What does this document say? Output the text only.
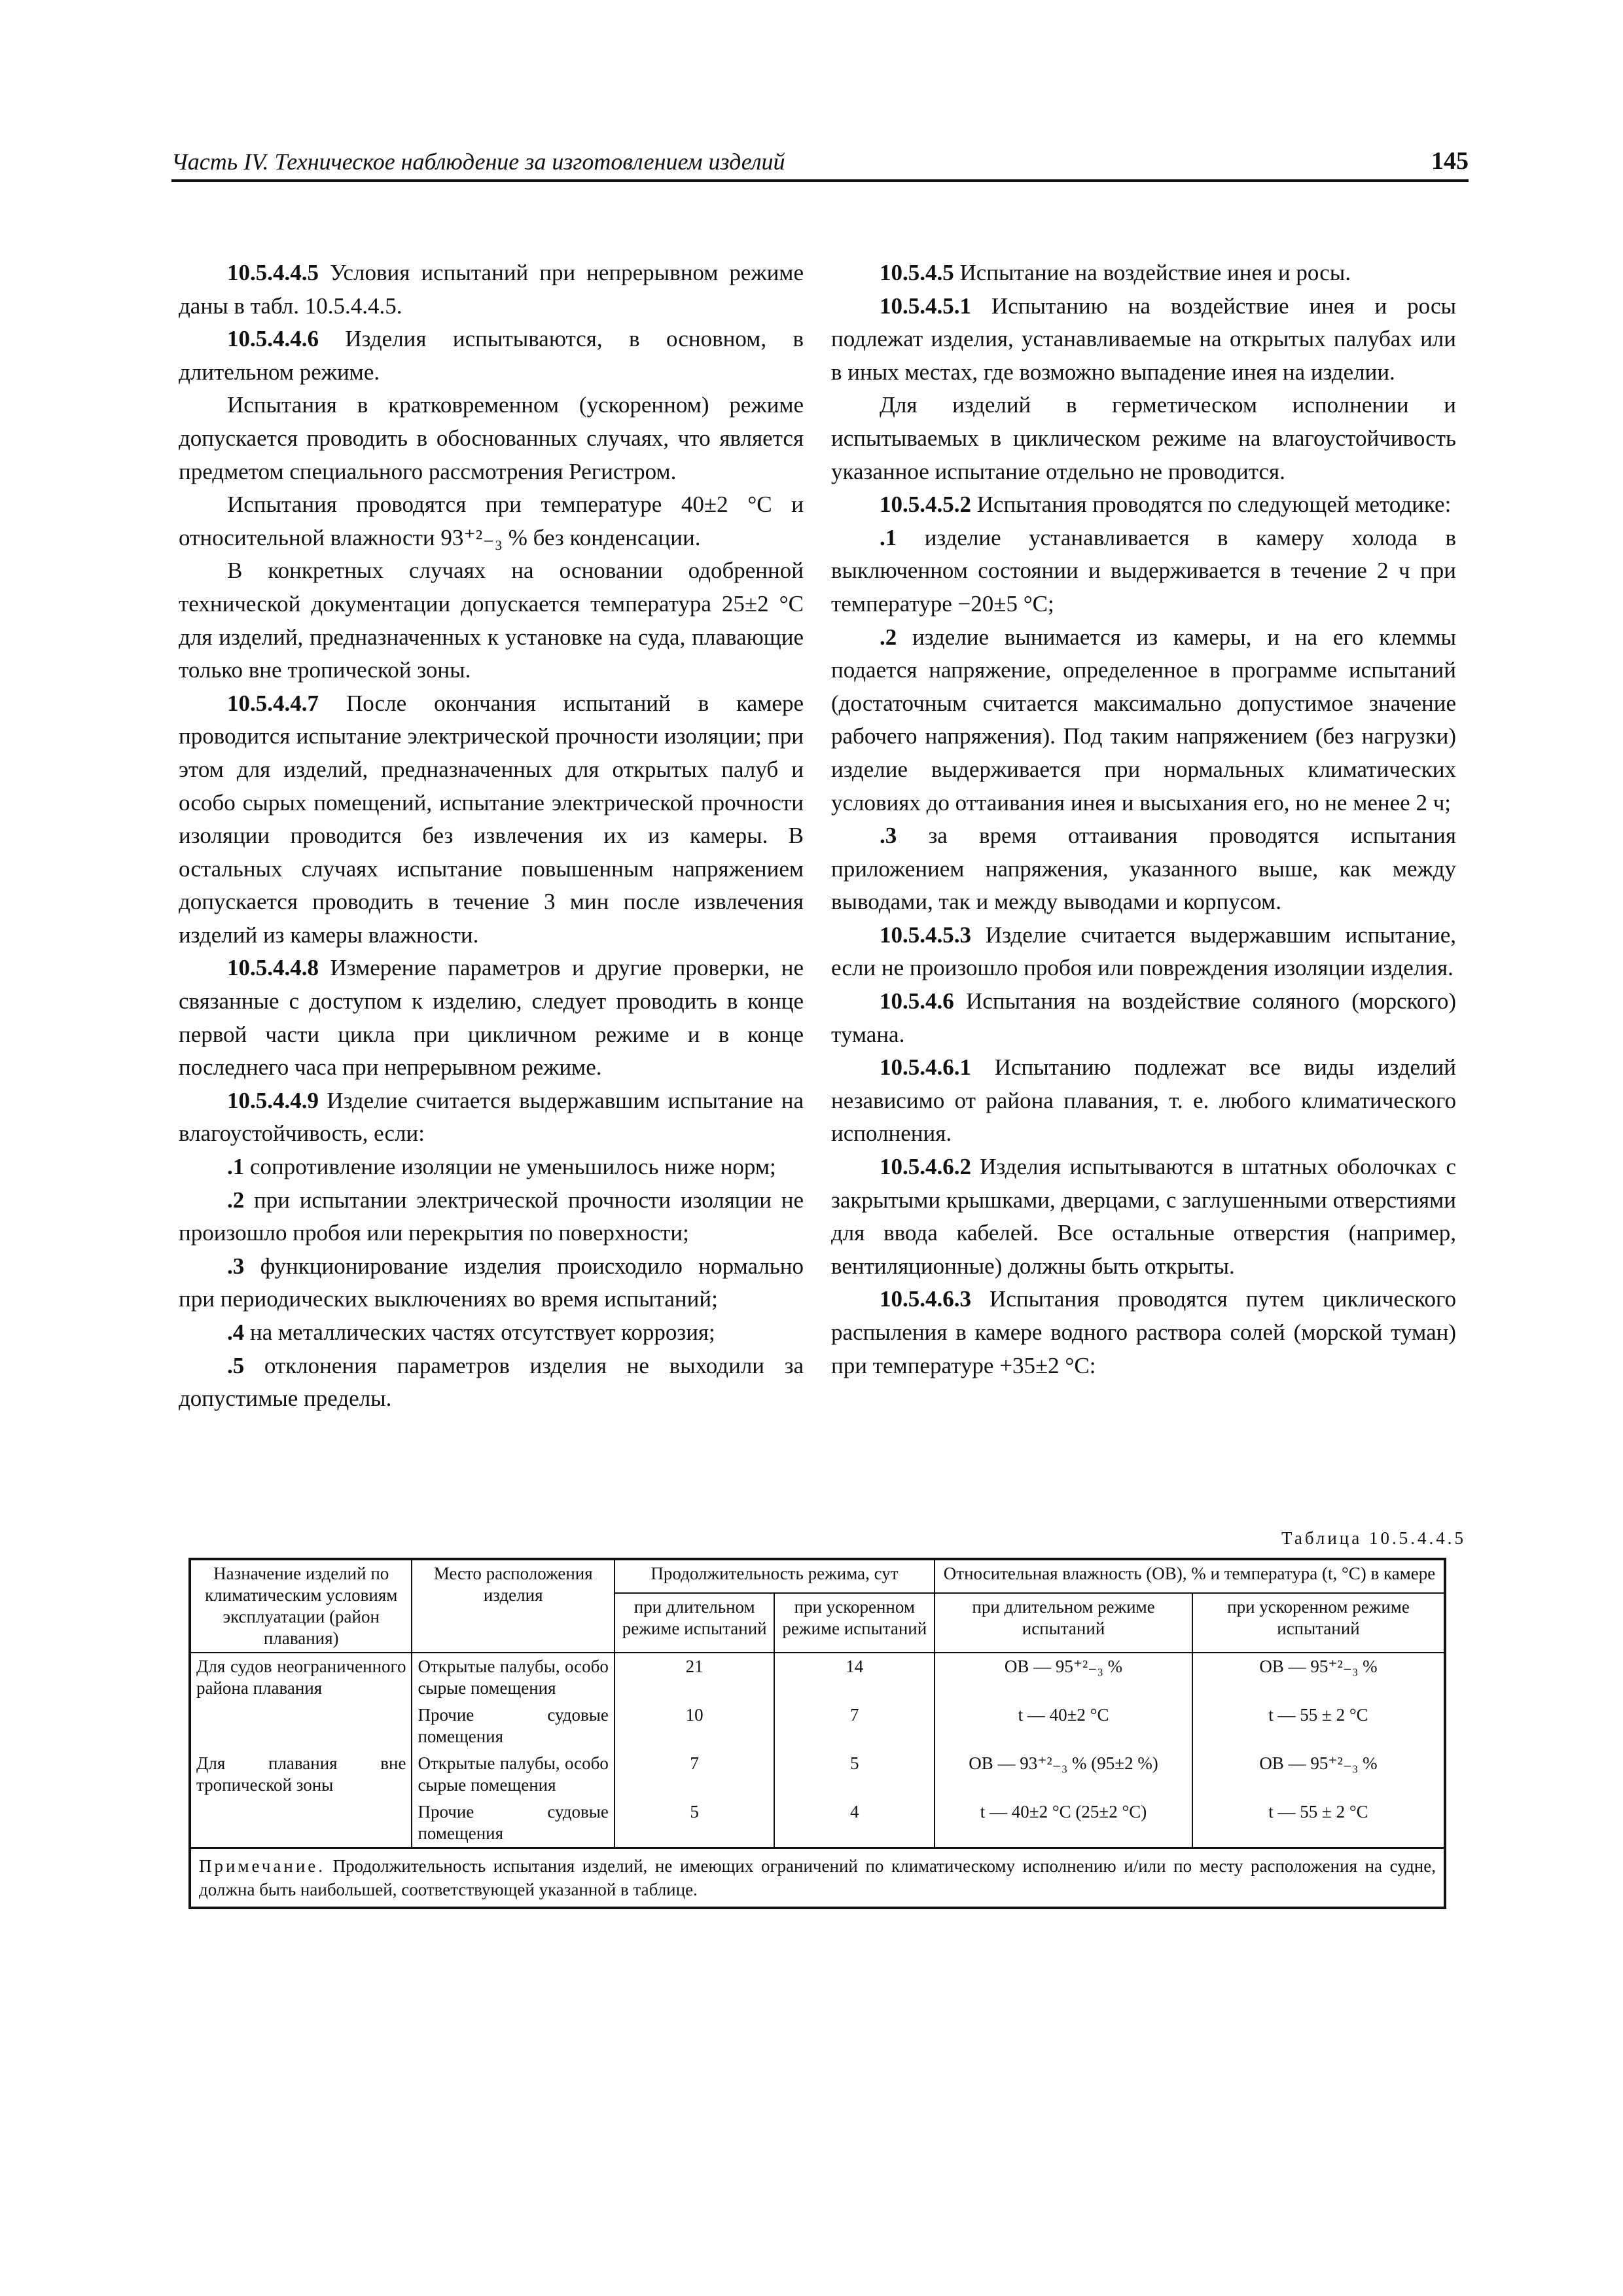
Часть IV. Техническое наблюдение за изготовлением изделий	145

10.5.4.4.5 Условия испытаний при непрерывном режиме даны в табл. 10.5.4.4.5.

10.5.4.4.6 Изделия испытываются, в основном, в длительном режиме.

Испытания в кратковременном (ускоренном) режиме допускается проводить в обоснованных случаях, что является предметом специального рассмотрения Регистром.

Испытания проводятся при температуре 40±2 °С и относительной влажности 93⁺²₋₃ % без конденсации.

В конкретных случаях на основании одобренной технической документации допускается температура 25±2 °С для изделий, предназначенных к установке на суда, плавающие только вне тропической зоны.

10.5.4.4.7 После окончания испытаний в камере проводится испытание электрической прочности изоляции; при этом для изделий, предназначенных для открытых палуб и особо сырых помещений, испытание электрической прочности изоляции проводится без извлечения их из камеры. В остальных случаях испытание повышенным напряжением допускается проводить в течение 3 мин после извлечения изделий из камеры влажности.

10.5.4.4.8 Измерение параметров и другие проверки, не связанные с доступом к изделию, следует проводить в конце первой части цикла при цикличном режиме и в конце последнего часа при непрерывном режиме.

10.5.4.4.9 Изделие считается выдержавшим испытание на влагоустойчивость, если:

.1 сопротивление изоляции не уменьшилось ниже норм;

.2 при испытании электрической прочности изоляции не произошло пробоя или перекрытия по поверхности;

.3 функционирование изделия происходило нормально при периодических выключениях во время испытаний;

.4 на металлических частях отсутствует коррозия;

.5 отклонения параметров изделия не выходили за допустимые пределы.

10.5.4.5 Испытание на воздействие инея и росы.

10.5.4.5.1 Испытанию на воздействие инея и росы подлежат изделия, устанавливаемые на открытых палубах или в иных местах, где возможно выпадение инея на изделии.

Для изделий в герметическом исполнении и испытываемых в циклическом режиме на влагоустойчивость указанное испытание отдельно не проводится.

10.5.4.5.2 Испытания проводятся по следующей методике:

.1 изделие устанавливается в камеру холода в выключенном состоянии и выдерживается в течение 2 ч при температуре −20±5 °С;

.2 изделие вынимается из камеры, и на его клеммы подается напряжение, определенное в программе испытаний (достаточным считается максимально допустимое значение рабочего напряжения). Под таким напряжением (без нагрузки) изделие выдерживается при нормальных климатических условиях до оттаивания инея и высыхания его, но не менее 2 ч;

.3 за время оттаивания проводятся испытания приложением напряжения, указанного выше, как между выводами, так и между выводами и корпусом.

10.5.4.5.3 Изделие считается выдержавшим испытание, если не произошло пробоя или повреждения изоляции изделия.

10.5.4.6 Испытания на воздействие соляного (морского) тумана.

10.5.4.6.1 Испытанию подлежат все виды изделий независимо от района плавания, т. е. любого климатического исполнения.

10.5.4.6.2 Изделия испытываются в штатных оболочках с закрытыми крышками, дверцами, с заглушенными отверстиями для ввода кабелей. Все остальные отверстия (например, вентиляционные) должны быть открыты.

10.5.4.6.3 Испытания проводятся путем циклического распыления в камере водного раствора солей (морской туман) при температуре +35±2 °С:

Таблица 10.5.4.4.5
Назначение изделий по климатическим условиям эксплуатации (район плавания)	Место расположения изделия	Продолжительность режима, сут		Относительная влажность (ОВ), % и температура (t, °С) в камере	
		при длительном режиме испытаний	при ускоренном режиме испытаний	при длительном режиме испытаний	при ускоренном режиме испытаний
Для судов неограниченного района плавания	Открытые палубы, особо сырые помещения	21	14	ОВ — 95⁺²₋₃ %	ОВ — 95⁺²₋₃ %
	Прочие судовые помещения	10	7	t — 40±2 °С	t — 55 ± 2 °С
Для плавания вне тропической зоны	Открытые палубы, особо сырые помещения	7	5	ОВ — 93⁺²₋₃ % (95±2 %)	ОВ — 95⁺²₋₃ %
	Прочие судовые помещения	5	4	t — 40±2 °С (25±2 °С)	t — 55 ± 2 °С
Примечание. Продолжительность испытания изделий, не имеющих ограничений по климатическому исполнению и/или по месту расположения на судне, должна быть наибольшей, соответствующей указанной в таблице.					
